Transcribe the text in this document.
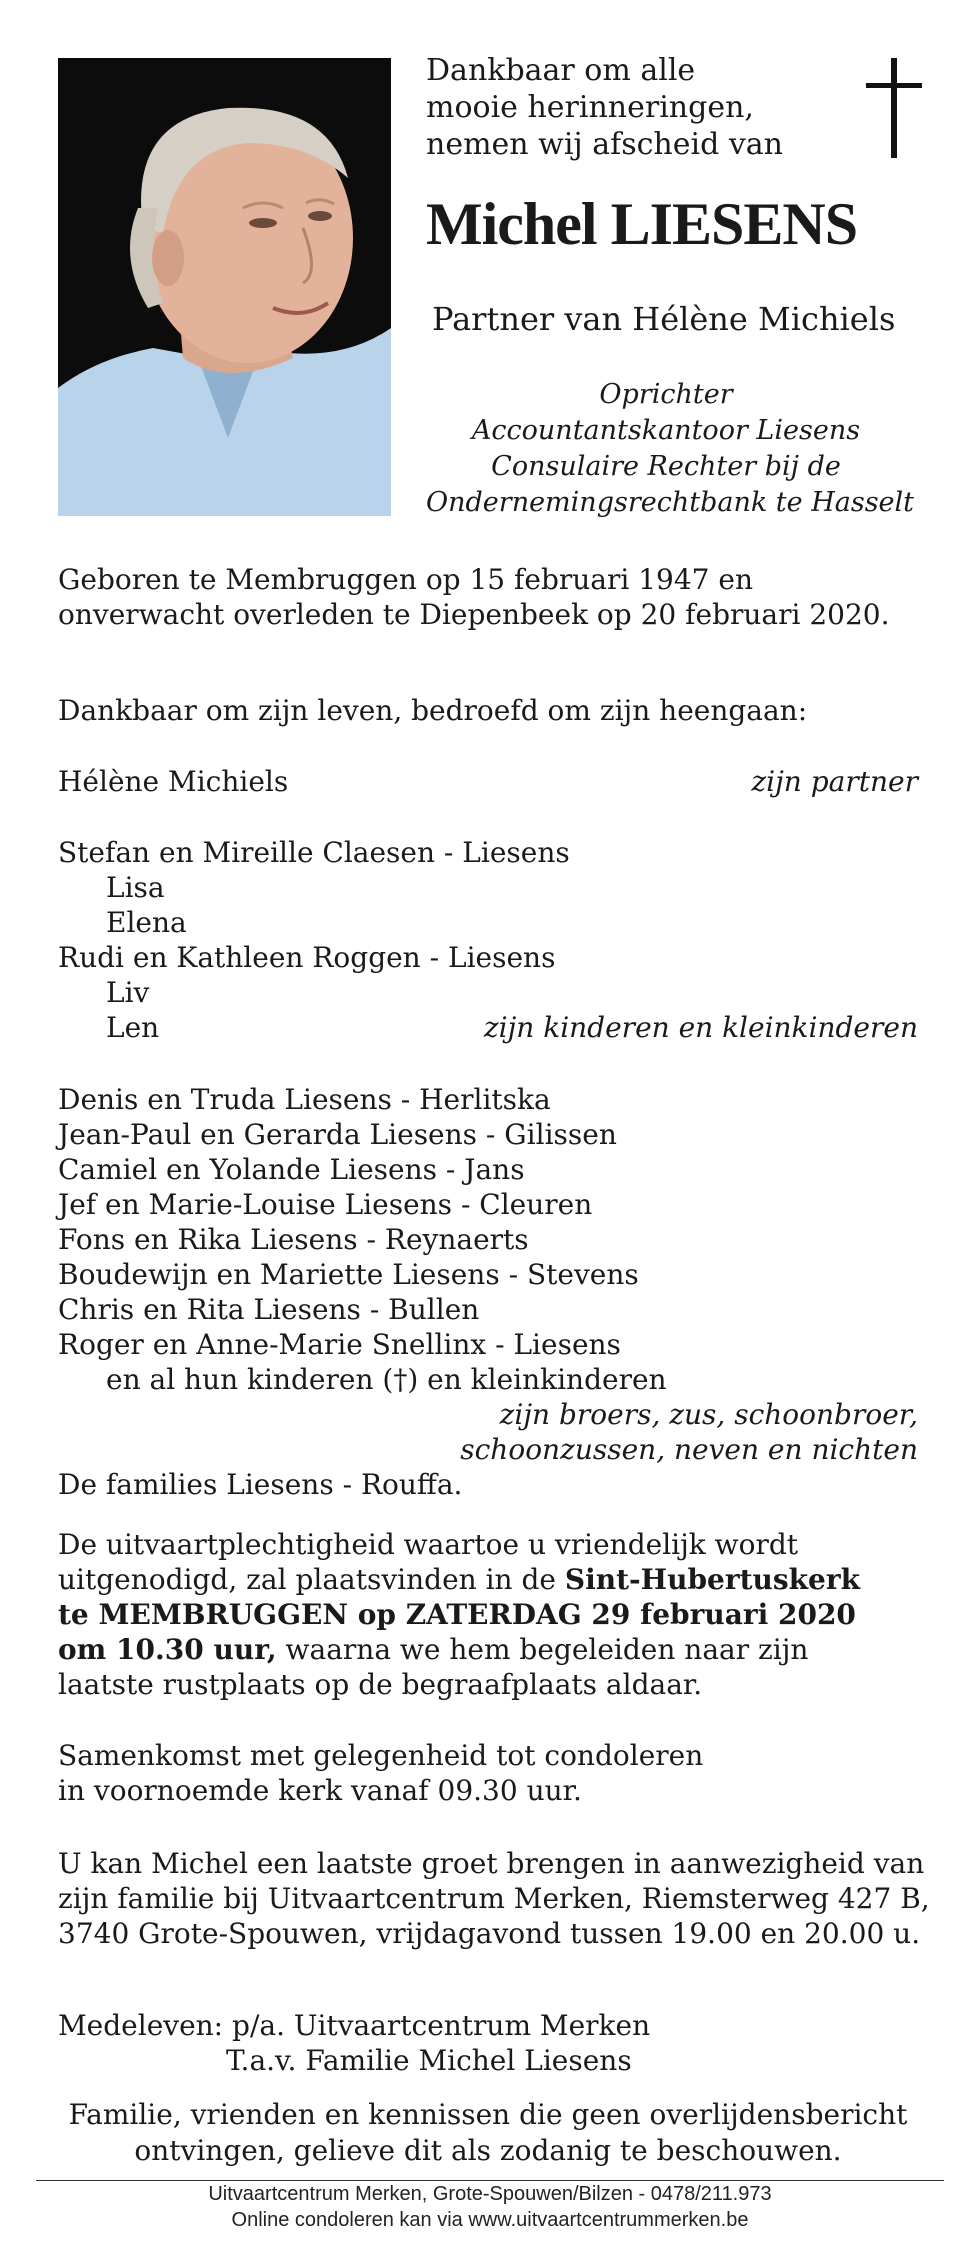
Dankbaar om alle
mooie herinneringen,
nemen wij afscheid van
Michel LIESENS
Partner van Hélène Michiels
Oprichter
Accountantskantoor Liesens
Consulaire Rechter bij de
Ondernemingsrechtbank te Hasselt
Geboren te Membruggen op 15 februari 1947 en
onverwacht overleden te Diepenbeek op 20 februari 2020.
Dankbaar om zijn leven, bedroefd om zijn heengaan:
Hélène Michiels	zijn partner
Stefan en Mireille Claesen - Liesens
Lisa
Elena
Rudi en Kathleen Roggen - Liesens
Liv
Len	zijn kinderen en kleinkinderen
Denis en Truda Liesens - Herlitska
Jean-Paul en Gerarda Liesens - Gilissen
Camiel en Yolande Liesens - Jans
Jef en Marie-Louise Liesens - Cleuren
Fons en Rika Liesens - Reynaerts
Boudewijn en Mariette Liesens - Stevens
Chris en Rita Liesens - Bullen
Roger en Anne-Marie Snellinx - Liesens
en al hun kinderen (†) en kleinkinderen
zijn broers, zus, schoonbroer,
schoonzussen, neven en nichten
De families Liesens - Rouffa.
De uitvaartplechtigheid waartoe u vriendelijk wordt
uitgenodigd, zal plaatsvinden in de Sint-Hubertuskerk
te MEMBRUGGEN op ZATERDAG 29 februari 2020
om 10.30 uur, waarna we hem begeleiden naar zijn
laatste rustplaats op de begraafplaats aldaar.
Samenkomst met gelegenheid tot condoleren
in voornoemde kerk vanaf 09.30 uur.
U kan Michel een laatste groet brengen in aanwezigheid van
zijn familie bij Uitvaartcentrum Merken, Riemsterweg 427 B,
3740 Grote-Spouwen, vrijdagavond tussen 19.00 en 20.00 u.
Medeleven: p/a. Uitvaartcentrum Merken
T.a.v. Familie Michel Liesens
Familie, vrienden en kennissen die geen overlijdensbericht
ontvingen, gelieve dit als zodanig te beschouwen.
Uitvaartcentrum Merken, Grote-Spouwen/Bilzen - 0478/211.973
Online condoleren kan via www.uitvaartcentrummerken.be
